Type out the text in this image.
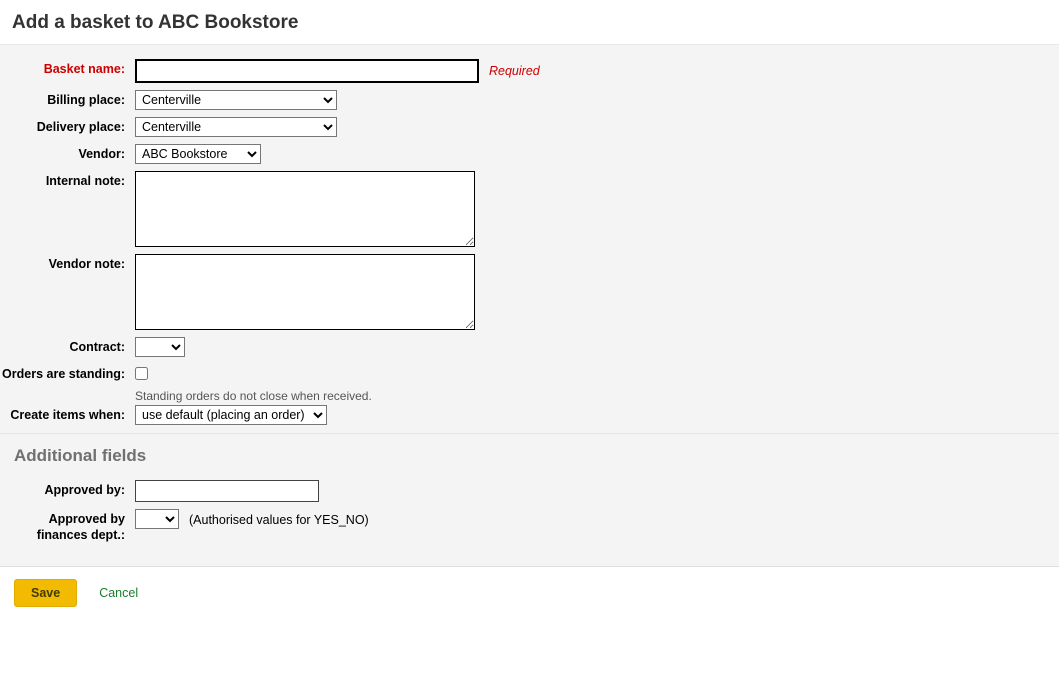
Add a basket to ABC Bookstore
Basket name:	Required
Billing place:
Centerville
Delivery place:
Centerville
Vendor:
ABC Bookstore
Internal note:
Vendor note:
Contract:
Orders are standing:

Standing orders do not close when received.

Create items when:
use default (placing an order)
Additional fields
Approved by:
Approved by finances dept.:
(Authorised values for YES_NO)
Save	Cancel
